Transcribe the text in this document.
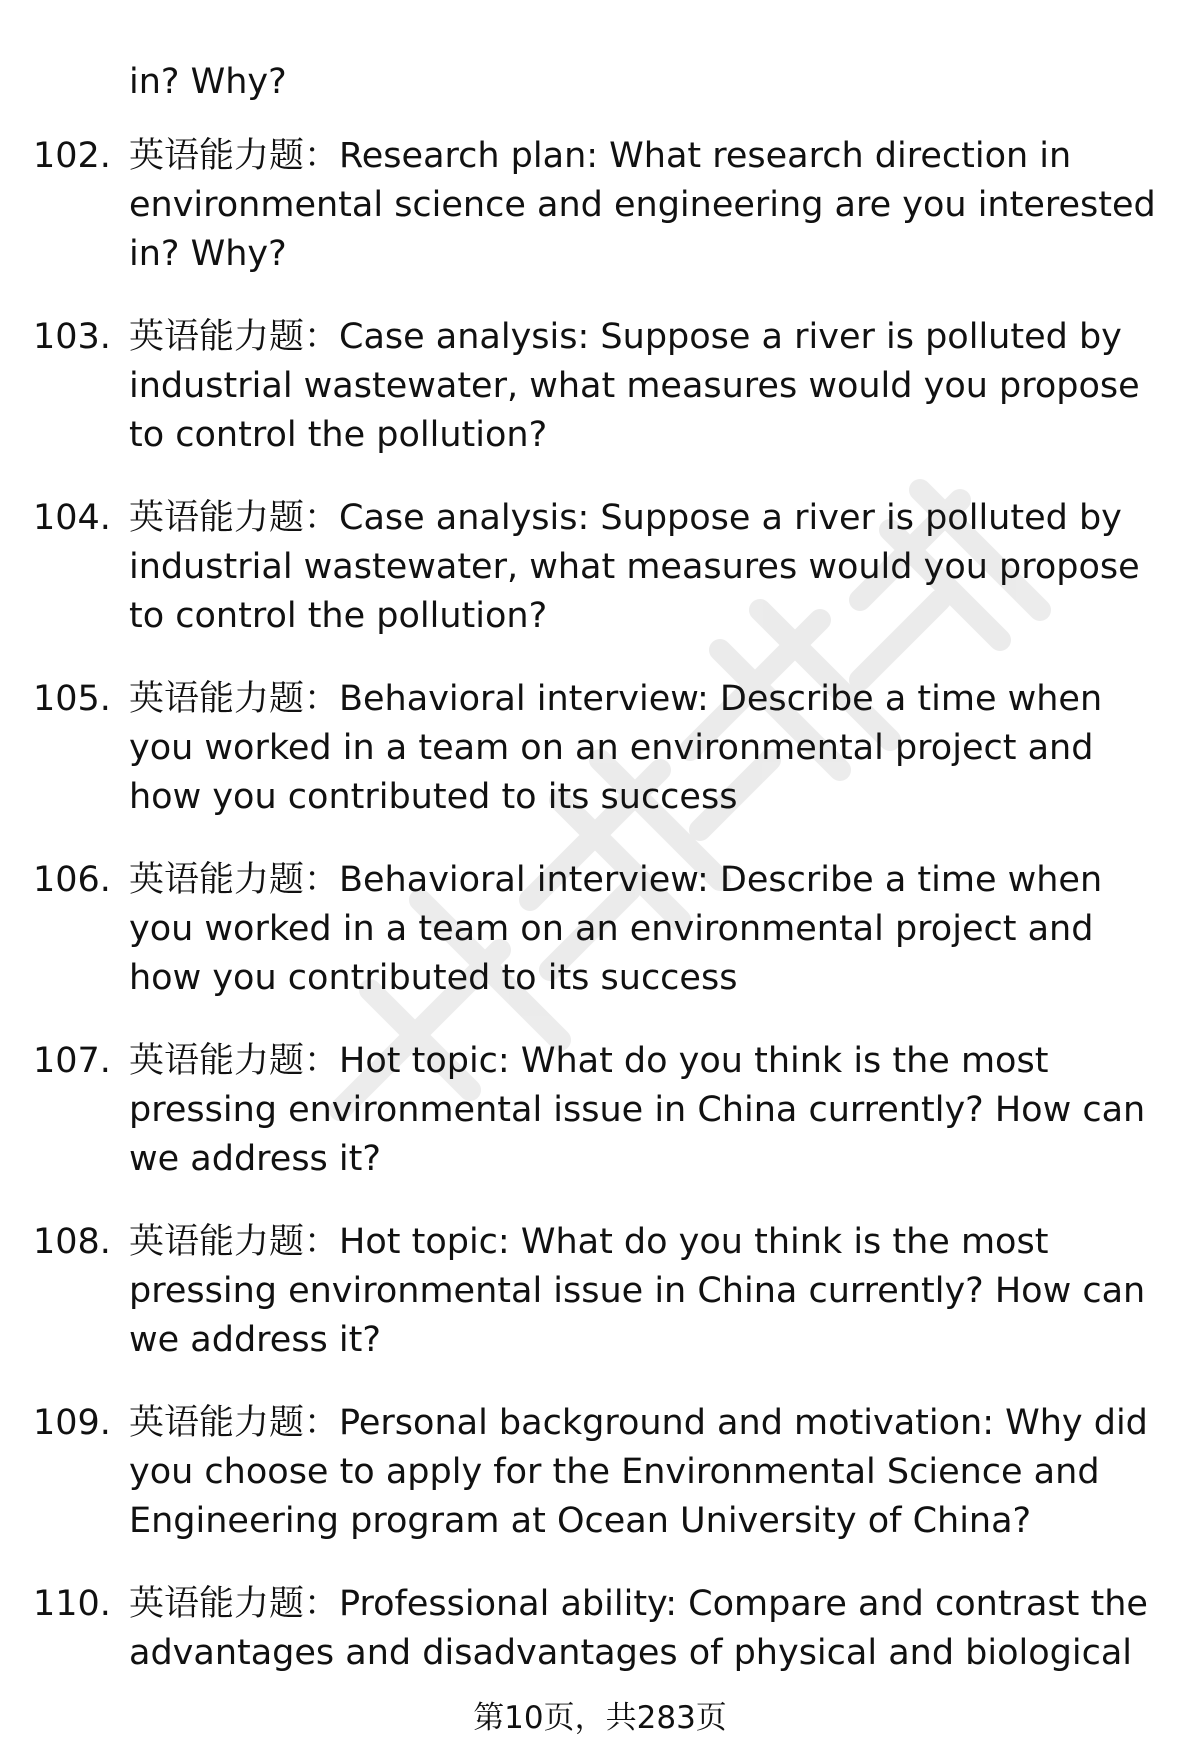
in? Why?
102. 英语能力题：Research plan: What research direction in
environmental science and engineering are you interested
in? Why?
103. 英语能力题：Case analysis: Suppose a river is polluted by
industrial wastewater, what measures would you propose
to control the pollution?
104. 英语能力题：Case analysis: Suppose a river is polluted by
industrial wastewater, what measures would you propose
to control the pollution?
105. 英语能力题：Behavioral interview: Describe a time when
you worked in a team on an environmental project and
how you contributed to its success
106. 英语能力题：Behavioral interview: Describe a time when
you worked in a team on an environmental project and
how you contributed to its success
107. 英语能力题：Hot topic: What do you think is the most
pressing environmental issue in China currently? How can
we address it?
108. 英语能力题：Hot topic: What do you think is the most
pressing environmental issue in China currently? How can
we address it?
109. 英语能力题：Personal background and motivation: Why did
you choose to apply for the Environmental Science and
Engineering program at Ocean University of China?
110. 英语能力题：Professional ability: Compare and contrast the
advantages and disadvantages of physical and biological
第10页，共283页
